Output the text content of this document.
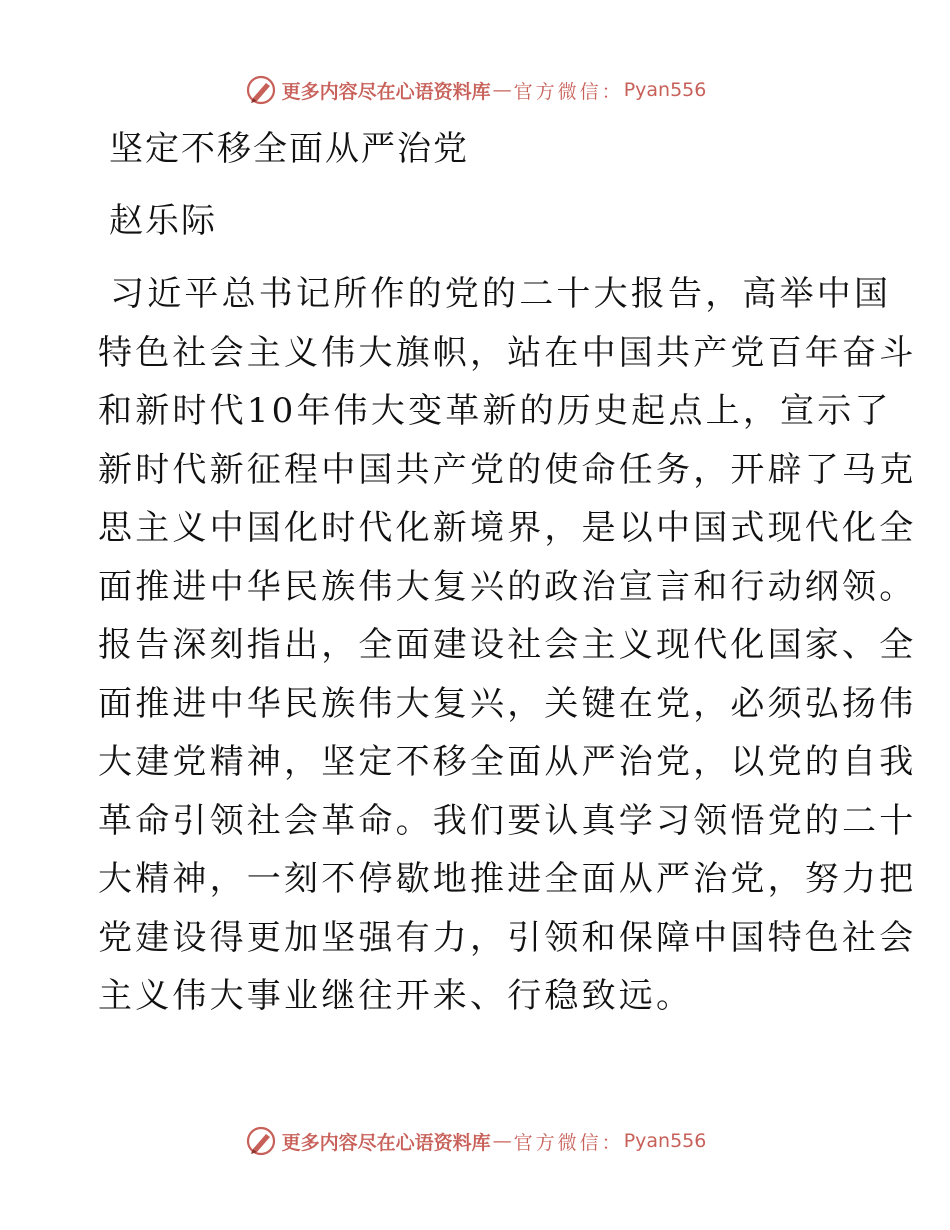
更多内容尽在心语资料库 — 官方微信： Pyan556
坚定不移全面从严治党
赵乐际
习近平总书记所作的党的二十大报告，高举中国
特色社会主义伟大旗帜，站在中国共产党百年奋斗
和新时代10年伟大变革新的历史起点上，宣示了
新时代新征程中国共产党的使命任务，开辟了马克
思主义中国化时代化新境界，是以中国式现代化全
面推进中华民族伟大复兴的政治宣言和行动纲领。
报告深刻指出，全面建设社会主义现代化国家、全
面推进中华民族伟大复兴，关键在党，必须弘扬伟
大建党精神，坚定不移全面从严治党，以党的自我
革命引领社会革命。我们要认真学习领悟党的二十
大精神，一刻不停歇地推进全面从严治党，努力把
党建设得更加坚强有力，引领和保障中国特色社会
主义伟大事业继往开来、行稳致远。
更多内容尽在心语资料库 — 官方微信： Pyan556
